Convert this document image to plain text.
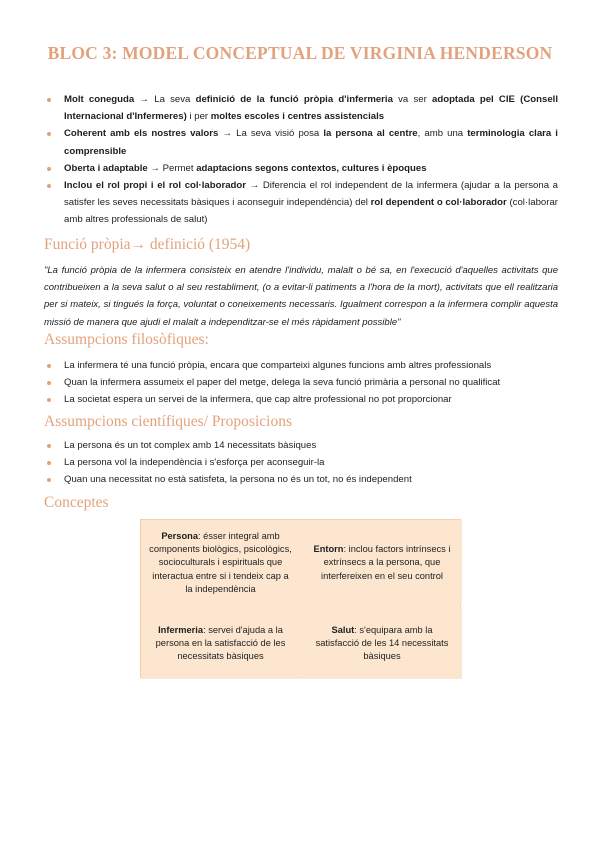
BLOC 3: MODEL CONCEPTUAL DE VIRGINIA HENDERSON
Molt coneguda → La seva definició de la funció pròpia d'infermeria va ser adoptada pel CIE (Consell Internacional d'Infermeres) i per moltes escoles i centres assistencials
Coherent amb els nostres valors → La seva visió posa la persona al centre, amb una terminologia clara i comprensible
Oberta i adaptable → Permet adaptacions segons contextos, cultures i èpoques
Inclou el rol propi i el rol col·laborador → Diferencia el rol independent de la infermera (ajudar a la persona a satisfer les seves necessitats bàsiques i aconseguir independència) del rol dependent o col·laborador (col·laborar amb altres professionals de salut)
Funció pròpia→ definició (1954)
"La funció pròpia de la infermera consisteix en atendre l'individu, malalt o bé sa, en l'execució d'aquelles activitats que contribueixen a la seva salut o al seu restabliment, (o a evitar-li patiments a l'hora de la mort), activitats que ell realitzaria per si mateix, si tingués la força, voluntat o coneixements necessaris. Igualment correspon a la infermera complir aquesta missió de manera que ajudi el malalt a independitzar-se el més ràpidament possible"
Assumpcions filosòfiques:
La infermera té una funció pròpia, encara que comparteixi algunes funcions amb altres professionals
Quan la infermera assumeix el paper del metge, delega la seva funció primària a personal no qualificat
La societat espera un servei de la infermera, que cap altre professional no pot proporcionar
Assumpcions científiques/ Proposicions
La persona és un tot complex amb 14 necessitats bàsiques
La persona vol la independència i s'esforça per aconseguir-la
Quan una necessitat no està satisfeta, la persona no és un tot, no és independent
Conceptes
Persona: ésser integral amb components biològics, psicològics, socioculturals i espirituals que interactua entre si i tendeix cap a la independència
Entorn: inclou factors intrínsecs i extrínsecs a la persona, que interfereixen en el seu control
Infermeria: servei d'ajuda a la persona en la satisfacció de les necessitats bàsiques
Salut: s'equipara amb la satisfacció de les 14 necessitats bàsiques
